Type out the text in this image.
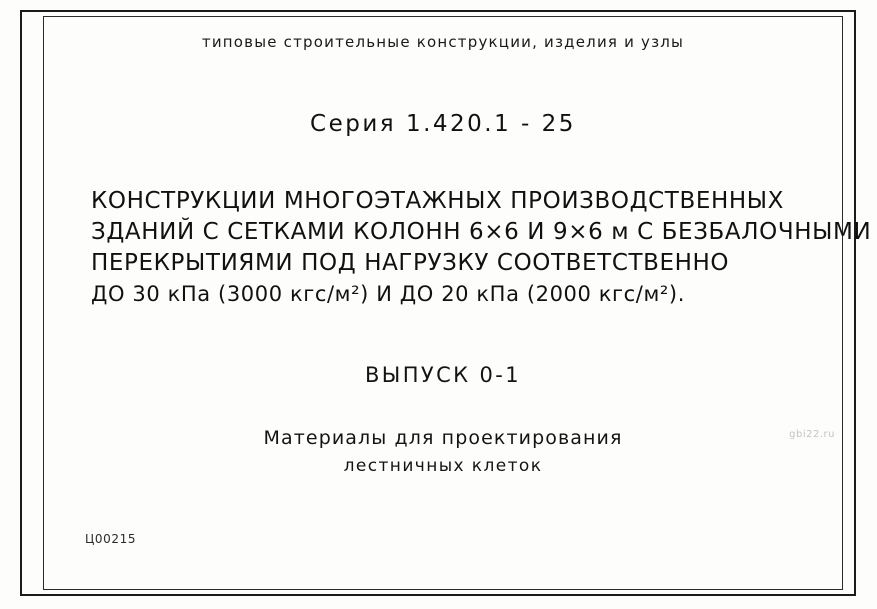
типовые строительные конструкции, изделия и узлы
Серия 1.420.1 - 25
КОНСТРУКЦИИ МНОГОЭТАЖНЫХ ПРОИЗВОДСТВЕННЫХ
ЗДАНИЙ С СЕТКАМИ КОЛОНН 6×6 И 9×6 м С БЕЗБАЛОЧНЫМИ
ПЕРЕКРЫТИЯМИ ПОД НАГРУЗКУ СООТВЕТСТВЕННО
ДО 30 кПа (3000 кгс/м²) И ДО 20 кПа (2000 кгс/м²).
ВЫПУСК 0-1
Материалы для проектирования
лестничных клеток
Ц00215
gbi22.ru
